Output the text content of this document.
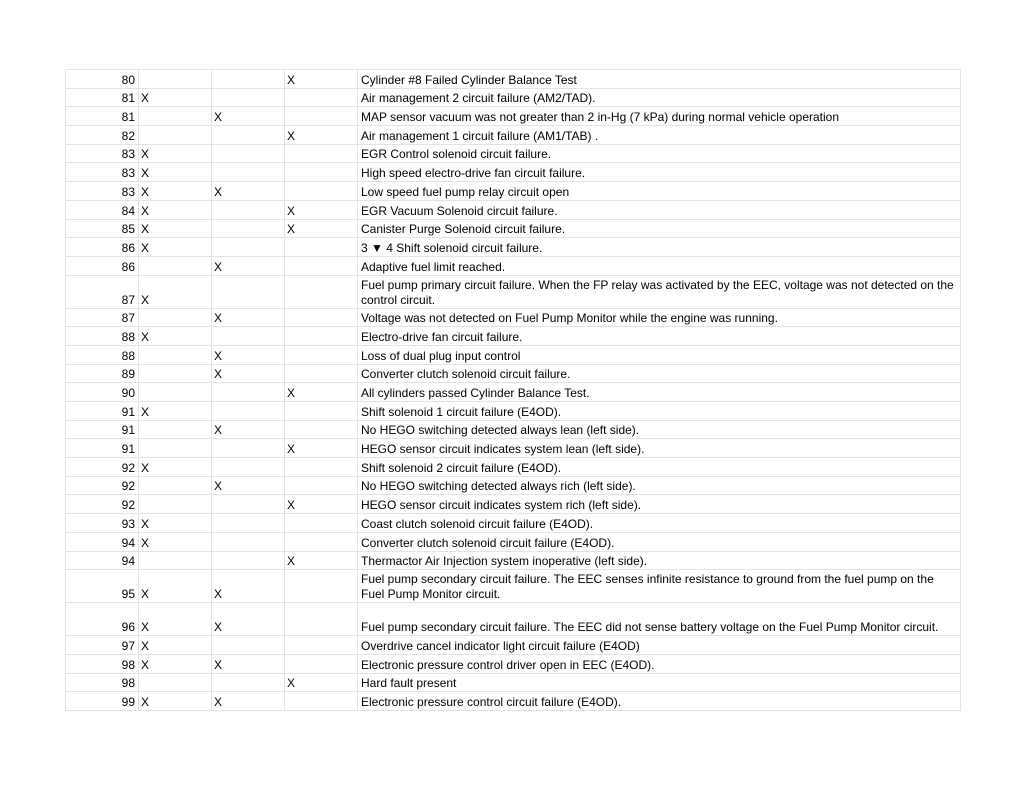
80			X	Cylinder #8 Failed Cylinder Balance Test
81	X			Air management 2 circuit failure (AM2/TAD).
81		X		MAP sensor vacuum was not greater than 2 in-Hg (7 kPa) during normal vehicle operation
82			X	Air management 1 circuit failure (AM1/TAB) .
83	X			EGR Control solenoid circuit failure.
83	X			High speed electro-drive fan circuit failure.
83	X	X		Low speed fuel pump relay circuit open
84	X		X	EGR Vacuum Solenoid circuit failure.
85	X		X	Canister Purge Solenoid circuit failure.
86	X			3 ▼ 4 Shift solenoid circuit failure.
86		X		Adaptive fuel limit reached.
87	X			Fuel pump primary circuit failure. When the FP relay was activated by the EEC, voltage was not detected on the control circuit.
87		X		Voltage was not detected on Fuel Pump Monitor while the engine was running.
88	X			Electro-drive fan circuit failure.
88		X		Loss of dual plug input control
89		X		Converter clutch solenoid circuit failure.
90			X	All cylinders passed Cylinder Balance Test.
91	X			Shift solenoid 1 circuit failure (E4OD).
91		X		No HEGO switching detected always lean (left side).
91			X	HEGO sensor circuit indicates system lean (left side).
92	X			Shift solenoid 2 circuit failure (E4OD).
92		X		No HEGO switching detected always rich (left side).
92			X	HEGO sensor circuit indicates system rich (left side).
93	X			Coast clutch solenoid circuit failure (E4OD).
94	X			Converter clutch solenoid circuit failure (E4OD).
94			X	Thermactor Air Injection system inoperative (left side).
95	X	X		Fuel pump secondary circuit failure. The EEC senses infinite resistance to ground from the fuel pump on the Fuel Pump Monitor circuit.
96	X	X		Fuel pump secondary circuit failure. The EEC did not sense battery voltage on the Fuel Pump Monitor circuit.
97	X			Overdrive cancel indicator light circuit failure (E4OD)
98	X	X		Electronic pressure control driver open in EEC (E4OD).
98			X	Hard fault present
99	X	X		Electronic pressure control circuit failure (E4OD).
